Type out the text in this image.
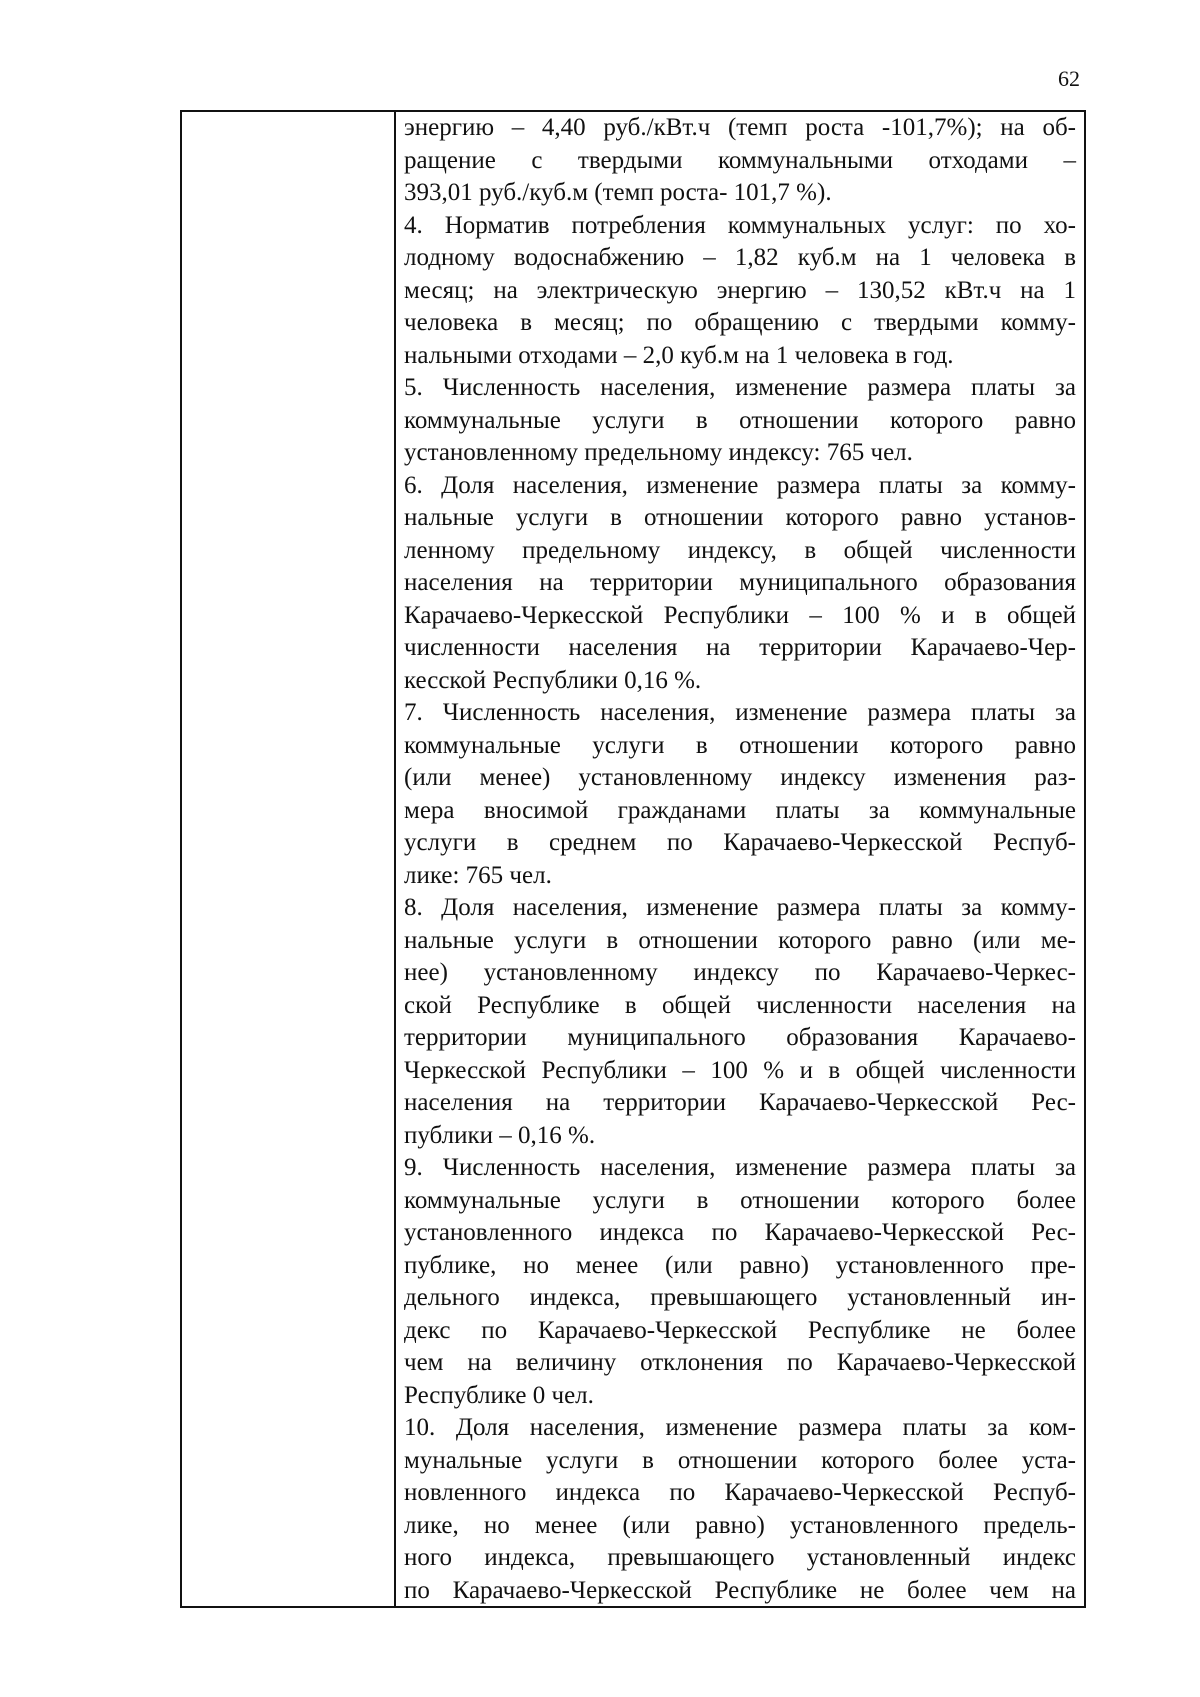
62
энергию – 4,40 руб./кВт.ч (темп роста -101,7%); на об-
ращение с твердыми коммунальными отходами –
393,01 руб./куб.м (темп роста- 101,7 %).
4. Норматив потребления коммунальных услуг: по хо-
лодному водоснабжению – 1,82 куб.м на 1 человека в
месяц; на электрическую энергию – 130,52 кВт.ч на 1
человека в месяц; по обращению с твердыми комму-
нальными отходами – 2,0 куб.м на 1 человека в год.
5. Численность населения, изменение размера платы за
коммунальные услуги в отношении которого равно
установленному предельному индексу: 765 чел.
6. Доля населения, изменение размера платы за комму-
нальные услуги в отношении которого равно установ-
ленному предельному индексу, в общей численности
населения на территории муниципального образования
Карачаево-Черкесской Республики – 100 % и в общей
численности населения на территории Карачаево-Чер-
кесской Республики 0,16 %.
7. Численность населения, изменение размера платы за
коммунальные услуги в отношении которого равно
(или менее) установленному индексу изменения раз-
мера вносимой гражданами платы за коммунальные
услуги в среднем по Карачаево-Черкесской Респуб-
лике: 765 чел.
8. Доля населения, изменение размера платы за комму-
нальные услуги в отношении которого равно (или ме-
нее) установленному индексу по Карачаево-Черкес-
ской Республике в общей численности населения на
территории муниципального образования Карачаево-
Черкесской Республики – 100 % и в общей численности
населения на территории Карачаево-Черкесской Рес-
публики – 0,16 %.
9. Численность населения, изменение размера платы за
коммунальные услуги в отношении которого более
установленного индекса по Карачаево-Черкесской Рес-
публике, но менее (или равно) установленного пре-
дельного индекса, превышающего установленный ин-
декс по Карачаево-Черкесской Республике не более
чем на величину отклонения по Карачаево-Черкесской
Республике 0 чел.
10. Доля населения, изменение размера платы за ком-
мунальные услуги в отношении которого более уста-
новленного индекса по Карачаево-Черкесской Респуб-
лике, но менее (или равно) установленного предель-
ного индекса, превышающего установленный индекс
по Карачаево-Черкесской Республике не более чем на
